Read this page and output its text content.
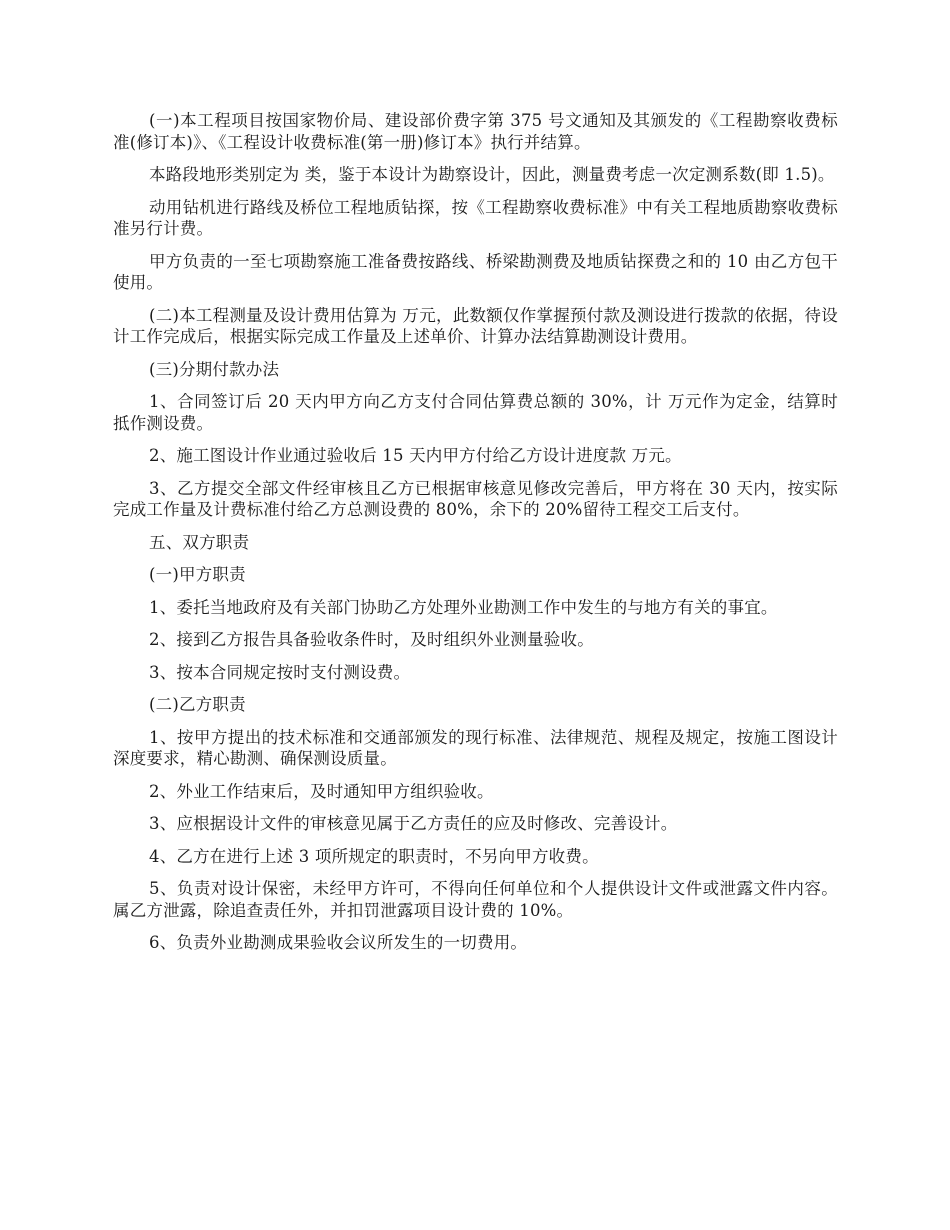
(一)本工程项目按国家物价局、建设部价费字第 375 号文通知及其颁发的《工程勘察收费标准(修订本)》、《工程设计收费标准(第一册)修订本》执行并结算。

本路段地形类别定为 类，鉴于本设计为勘察设计，因此，测量费考虑一次定测系数(即 1.5)。

动用钻机进行路线及桥位工程地质钻探，按《工程勘察收费标准》中有关工程地质勘察收费标准另行计费。

甲方负责的一至七项勘察施工准备费按路线、桥梁勘测费及地质钻探费之和的 10 由乙方包干使用。

(二)本工程测量及设计费用估算为 万元，此数额仅作掌握预付款及测设进行拨款的依据，待设计工作完成后，根据实际完成工作量及上述单价、计算办法结算勘测设计费用。

(三)分期付款办法

1、合同签订后 20 天内甲方向乙方支付合同估算费总额的 30%，计 万元作为定金，结算时抵作测设费。

2、施工图设计作业通过验收后 15 天内甲方付给乙方设计进度款 万元。

3、乙方提交全部文件经审核且乙方已根据审核意见修改完善后，甲方将在 30 天内，按实际完成工作量及计费标准付给乙方总测设费的 80%，余下的 20%留待工程交工后支付。

五、双方职责

(一)甲方职责

1、委托当地政府及有关部门协助乙方处理外业勘测工作中发生的与地方有关的事宜。

2、接到乙方报告具备验收条件时，及时组织外业测量验收。

3、按本合同规定按时支付测设费。

(二)乙方职责

1、按甲方提出的技术标准和交通部颁发的现行标准、法律规范、规程及规定，按施工图设计深度要求，精心勘测、确保测设质量。

2、外业工作结束后，及时通知甲方组织验收。

3、应根据设计文件的审核意见属于乙方责任的应及时修改、完善设计。

4、乙方在进行上述 3 项所规定的职责时，不另向甲方收费。

5、负责对设计保密，未经甲方许可，不得向任何单位和个人提供设计文件或泄露文件内容。属乙方泄露，除追查责任外，并扣罚泄露项目设计费的 10%。

6、负责外业勘测成果验收会议所发生的一切费用。
